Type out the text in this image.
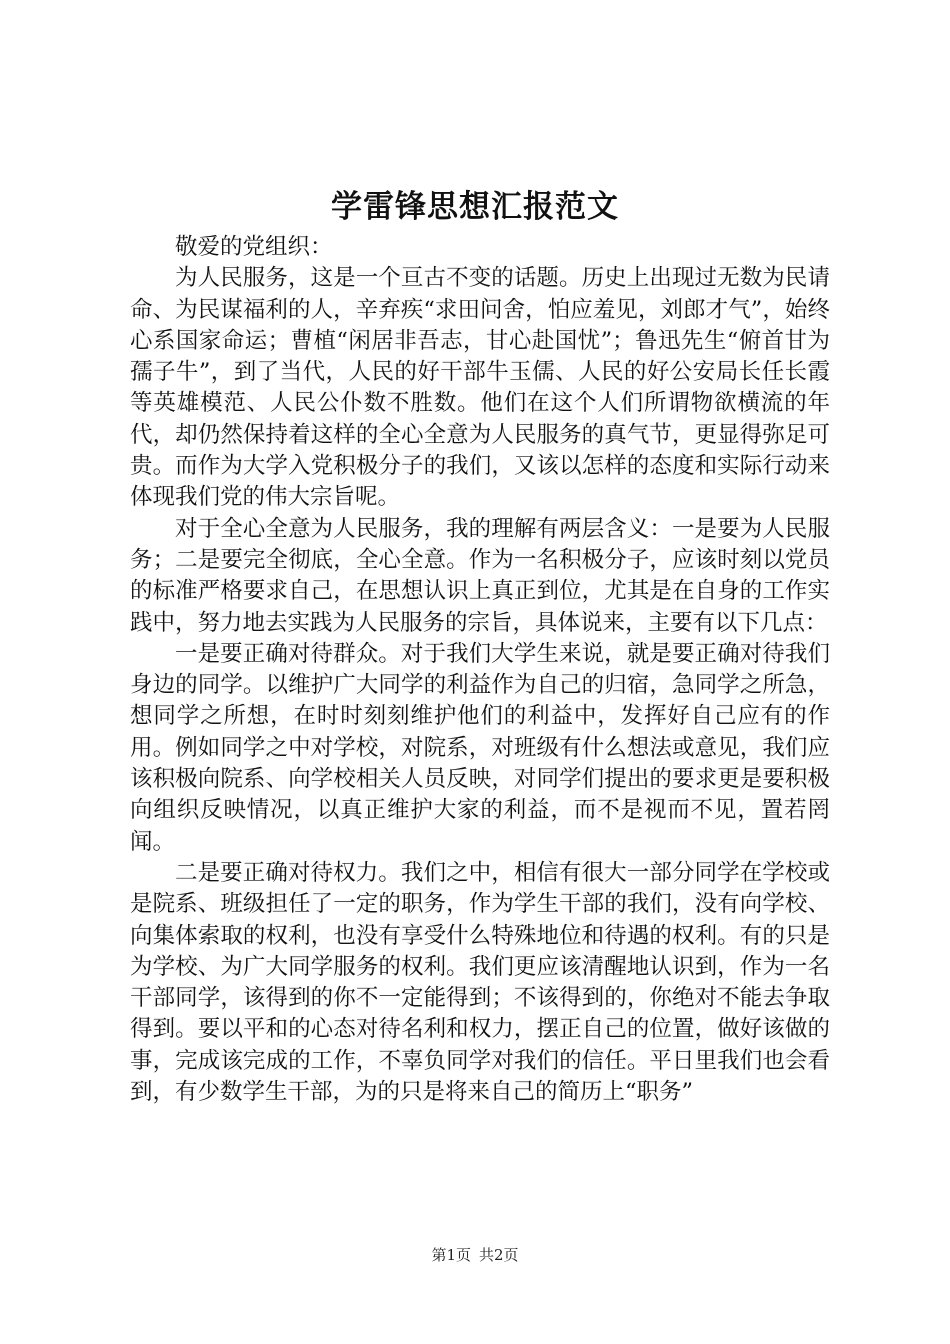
学雷锋思想汇报范文

敬爱的党组织：

为人民服务，这是一个亘古不变的话题。历史上出现过无数为民请命、为民谋福利的人，辛弃疾“求田问舍，怕应羞见，刘郎才气”，始终心系国家命运；曹植“闲居非吾志，甘心赴国忧”；鲁迅先生“俯首甘为孺子牛”，到了当代，人民的好干部牛玉儒、人民的好公安局长任长霞等英雄模范、人民公仆数不胜数。他们在这个人们所谓物欲横流的年代，却仍然保持着这样的全心全意为人民服务的真气节，更显得弥足可贵。而作为大学入党积极分子的我们，又该以怎样的态度和实际行动来体现我们党的伟大宗旨呢。

对于全心全意为人民服务，我的理解有两层含义：一是要为人民服务；二是要完全彻底，全心全意。作为一名积极分子，应该时刻以党员的标准严格要求自己，在思想认识上真正到位，尤其是在自身的工作实践中，努力地去实践为人民服务的宗旨，具体说来，主要有以下几点：

一是要正确对待群众。对于我们大学生来说，就是要正确对待我们身边的同学。以维护广大同学的利益作为自己的归宿，急同学之所急，想同学之所想，在时时刻刻维护他们的利益中，发挥好自己应有的作用。例如同学之中对学校，对院系，对班级有什么想法或意见，我们应该积极向院系、向学校相关人员反映，对同学们提出的要求更是要积极向组织反映情况，以真正维护大家的利益，而不是视而不见，置若罔闻。

二是要正确对待权力。我们之中，相信有很大一部分同学在学校或是院系、班级担任了一定的职务，作为学生干部的我们，没有向学校、向集体索取的权利，也没有享受什么特殊地位和待遇的权利。有的只是为学校、为广大同学服务的权利。我们更应该清醒地认识到，作为一名干部同学，该得到的你不一定能得到；不该得到的，你绝对不能去争取得到。要以平和的心态对待名利和权力，摆正自己的位置，做好该做的事，完成该完成的工作，不辜负同学对我们的信任。平日里我们也会看到，有少数学生干部，为的只是将来自己的简历上“职务”

第1页 共2页
